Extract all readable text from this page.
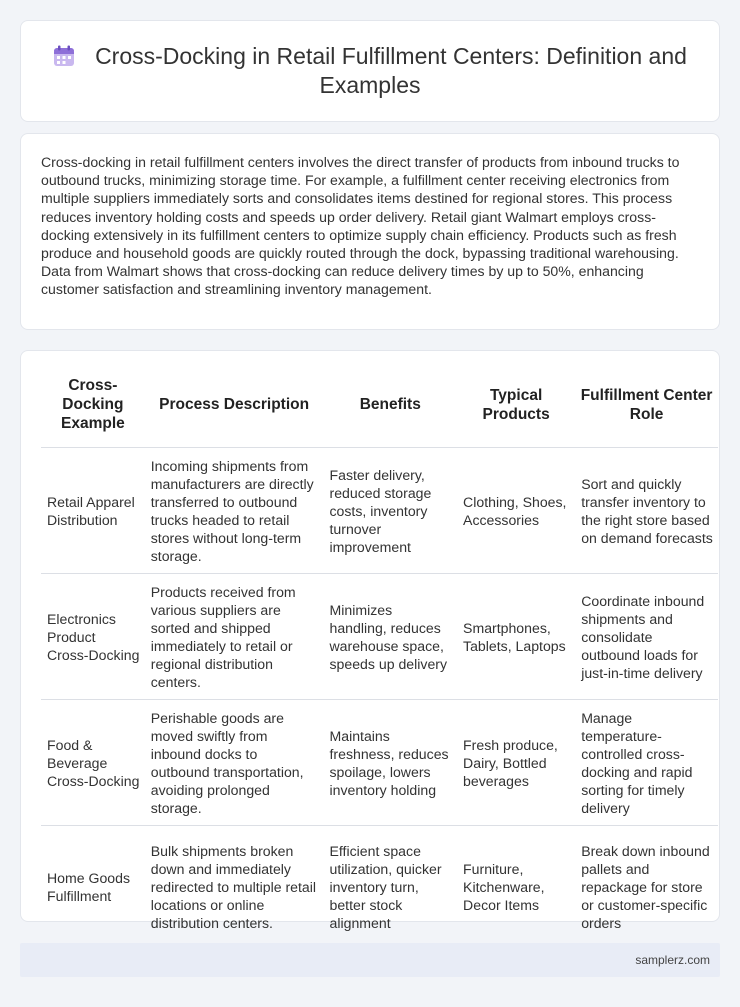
Cross-Docking in Retail Fulfillment Centers: Definition and Examples

Cross-docking in retail fulfillment centers involves the direct transfer of products from inbound trucks to outbound trucks, minimizing storage time. For example, a fulfillment center receiving electronics from multiple suppliers immediately sorts and consolidates items destined for regional stores. This process reduces inventory holding costs and speeds up order delivery. Retail giant Walmart employs cross-docking extensively in its fulfillment centers to optimize supply chain efficiency. Products such as fresh produce and household goods are quickly routed through the dock, bypassing traditional warehousing. Data from Walmart shows that cross-docking can reduce delivery times by up to 50%, enhancing customer satisfaction and streamlining inventory management.

Cross-Docking Example	Process Description	Benefits	Typical Products	Fulfillment Center Role
Retail Apparel Distribution	Incoming shipments from manufacturers are directly transferred to outbound trucks headed to retail stores without long-term storage.	Faster delivery, reduced storage costs, inventory turnover improvement	Clothing, Shoes, Accessories	Sort and quickly transfer inventory to the right store based on demand forecasts
Electronics Product Cross-Docking	Products received from various suppliers are sorted and shipped immediately to retail or regional distribution centers.	Minimizes handling, reduces warehouse space, speeds up delivery	Smartphones, Tablets, Laptops	Coordinate inbound shipments and consolidate outbound loads for just-in-time delivery
Food & Beverage Cross-Docking	Perishable goods are moved swiftly from inbound docks to outbound transportation, avoiding prolonged storage.	Maintains freshness, reduces spoilage, lowers inventory holding	Fresh produce, Dairy, Bottled beverages	Manage temperature-controlled cross-docking and rapid sorting for timely delivery
Home Goods Fulfillment	Bulk shipments broken down and immediately redirected to multiple retail locations or online distribution centers.	Efficient space utilization, quicker inventory turn, better stock alignment	Furniture, Kitchenware, Decor Items	Break down inbound pallets and repackage for store or customer-specific orders
samplerz.com
